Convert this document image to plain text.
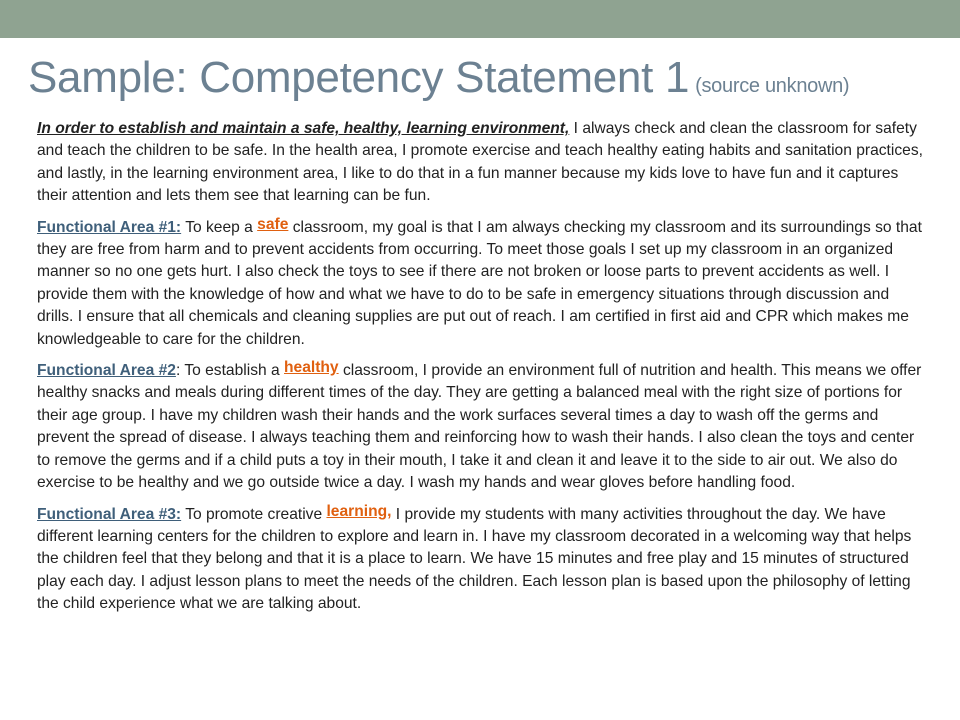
Sample: Competency Statement 1 (source unknown)

In order to establish and maintain a safe, healthy, learning environment, I always check and clean the classroom for safety and teach the children to be safe. In the health area, I promote exercise and teach healthy eating habits and sanitation practices, and lastly, in the learning environment area, I like to do that in a fun manner because my kids love to have fun and it captures their attention and lets them see that learning can be fun.

Functional Area #1: To keep a safe classroom, my goal is that I am always checking my classroom and its surroundings so that they are free from harm and to prevent accidents from occurring. To meet those goals I set up my classroom in an organized manner so no one gets hurt. I also check the toys to see if there are not broken or loose parts to prevent accidents as well. I provide them with the knowledge of how and what we have to do to be safe in emergency situations through discussion and drills. I ensure that all chemicals and cleaning supplies are put out of reach. I am certified in first aid and CPR which makes me knowledgeable to care for the children.

Functional Area #2: To establish a healthy classroom, I provide an environment full of nutrition and health. This means we offer healthy snacks and meals during different times of the day. They are getting a balanced meal with the right size of portions for their age group. I have my children wash their hands and the work surfaces several times a day to wash off the germs and prevent the spread of disease. I always teaching them and reinforcing how to wash their hands. I also clean the toys and center to remove the germs and if a child puts a toy in their mouth, I take it and clean it and leave it to the side to air out. We also do exercise to be healthy and we go outside twice a day. I wash my hands and wear gloves before handling food.

Functional Area #3: To promote creative learning, I provide my students with many activities throughout the day. We have different learning centers for the children to explore and learn in. I have my classroom decorated in a welcoming way that helps the children feel that they belong and that it is a place to learn. We have 15 minutes and free play and 15 minutes of structured play each day. I adjust lesson plans to meet the needs of the children. Each lesson plan is based upon the philosophy of letting the child experience what we are talking about.
